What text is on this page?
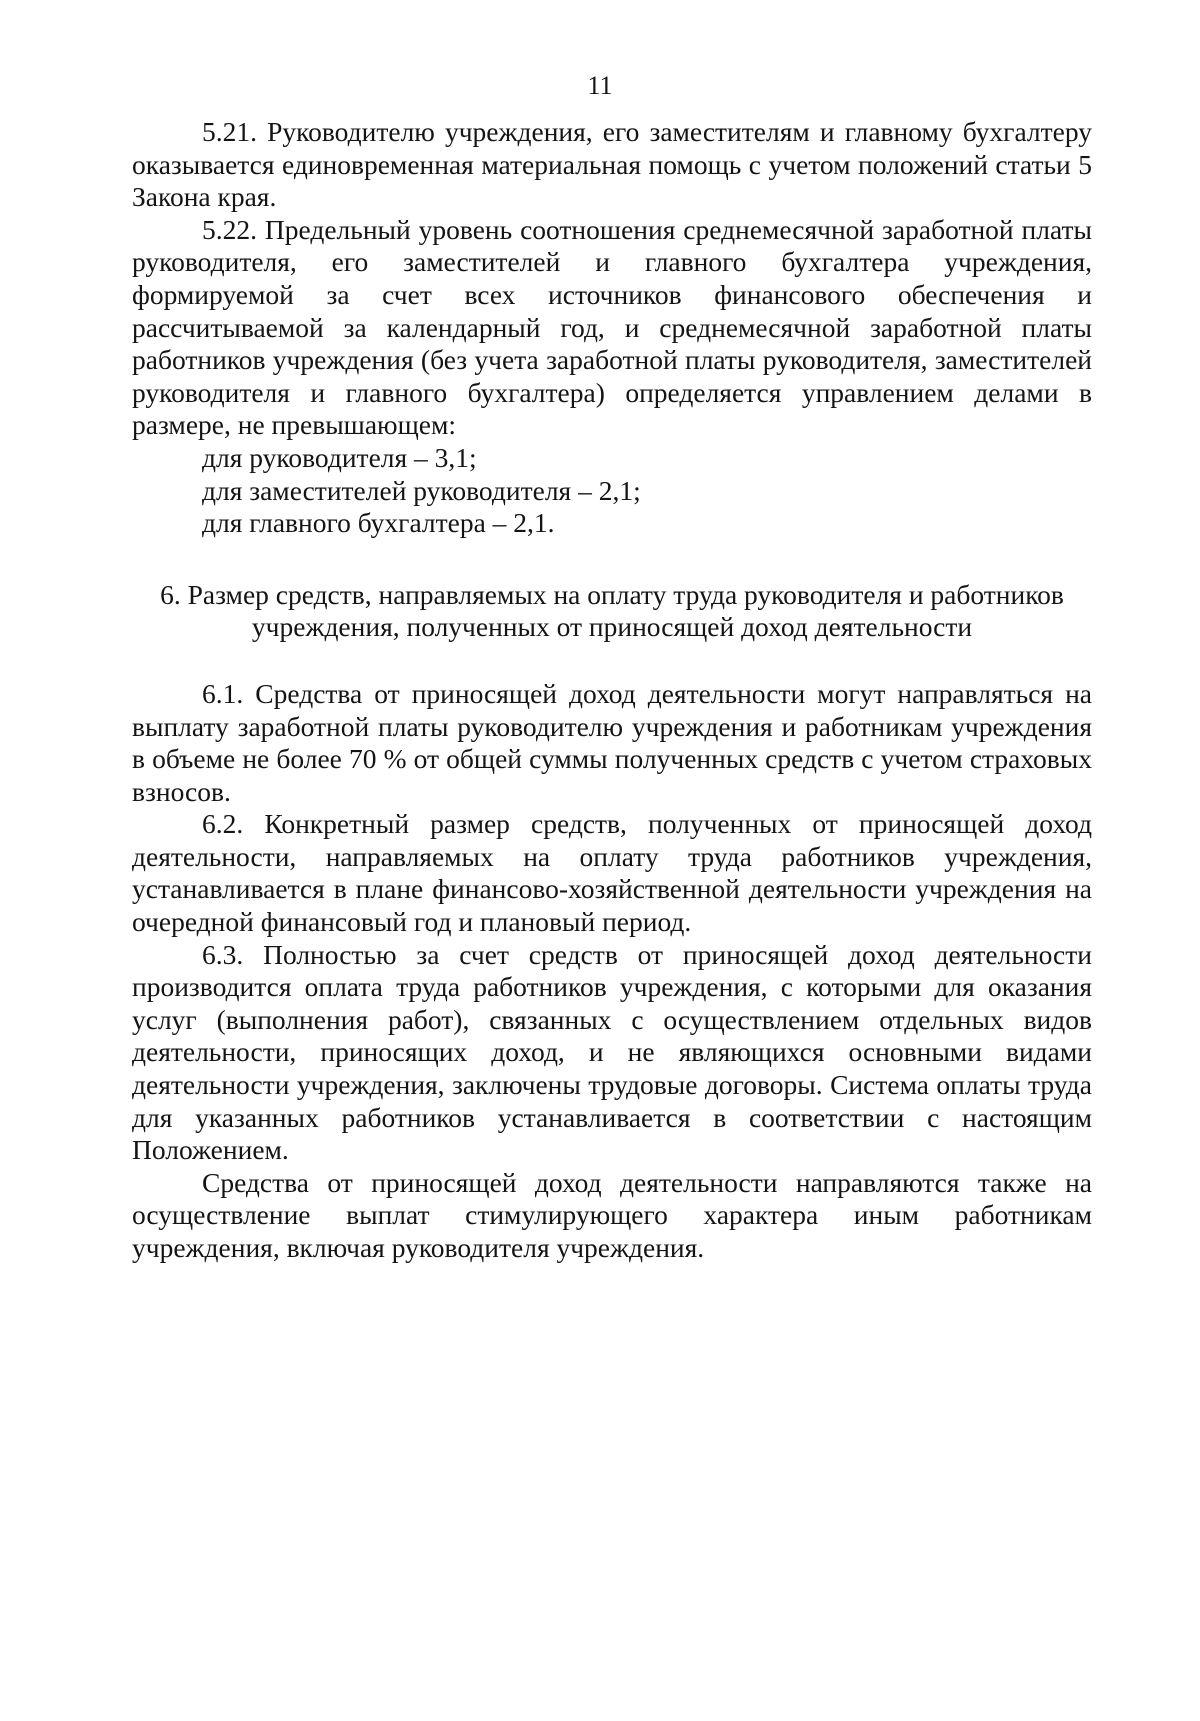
11

5.21. Руководителю учреждения, его заместителям и главному бухгалтеру оказывается единовременная материальная помощь с учетом положений статьи 5 Закона края.

5.22. Предельный уровень соотношения среднемесячной заработной платы руководителя, его заместителей и главного бухгалтера учреждения, формируемой за счет всех источников финансового обеспечения и рассчитываемой за календарный год, и среднемесячной заработной платы работников учреждения (без учета заработной платы руководителя, заместителей руководителя и главного бухгалтера) определяется управлением делами в размере, не превышающем:

для руководителя – 3,1;

для заместителей руководителя – 2,1;

для главного бухгалтера – 2,1.

6. Размер средств, направляемых на оплату труда руководителя и работников учреждения, полученных от приносящей доход деятельности

6.1. Средства от приносящей доход деятельности могут направляться на выплату заработной платы руководителю учреждения и работникам учреждения в объеме не более 70 % от общей суммы полученных средств с учетом страховых взносов.

6.2. Конкретный размер средств, полученных от приносящей доход деятельности, направляемых на оплату труда работников учреждения, устанавливается в плане финансово-хозяйственной деятельности учреждения на очередной финансовый год и плановый период.

6.3. Полностью за счет средств от приносящей доход деятельности производится оплата труда работников учреждения, с которыми для оказания услуг (выполнения работ), связанных с осуществлением отдельных видов деятельности, приносящих доход, и не являющихся основными видами деятельности учреждения, заключены трудовые договоры. Система оплаты труда для указанных работников устанавливается в соответствии с настоящим Положением.

Средства от приносящей доход деятельности направляются также на осуществление выплат стимулирующего характера иным работникам учреждения, включая руководителя учреждения.
